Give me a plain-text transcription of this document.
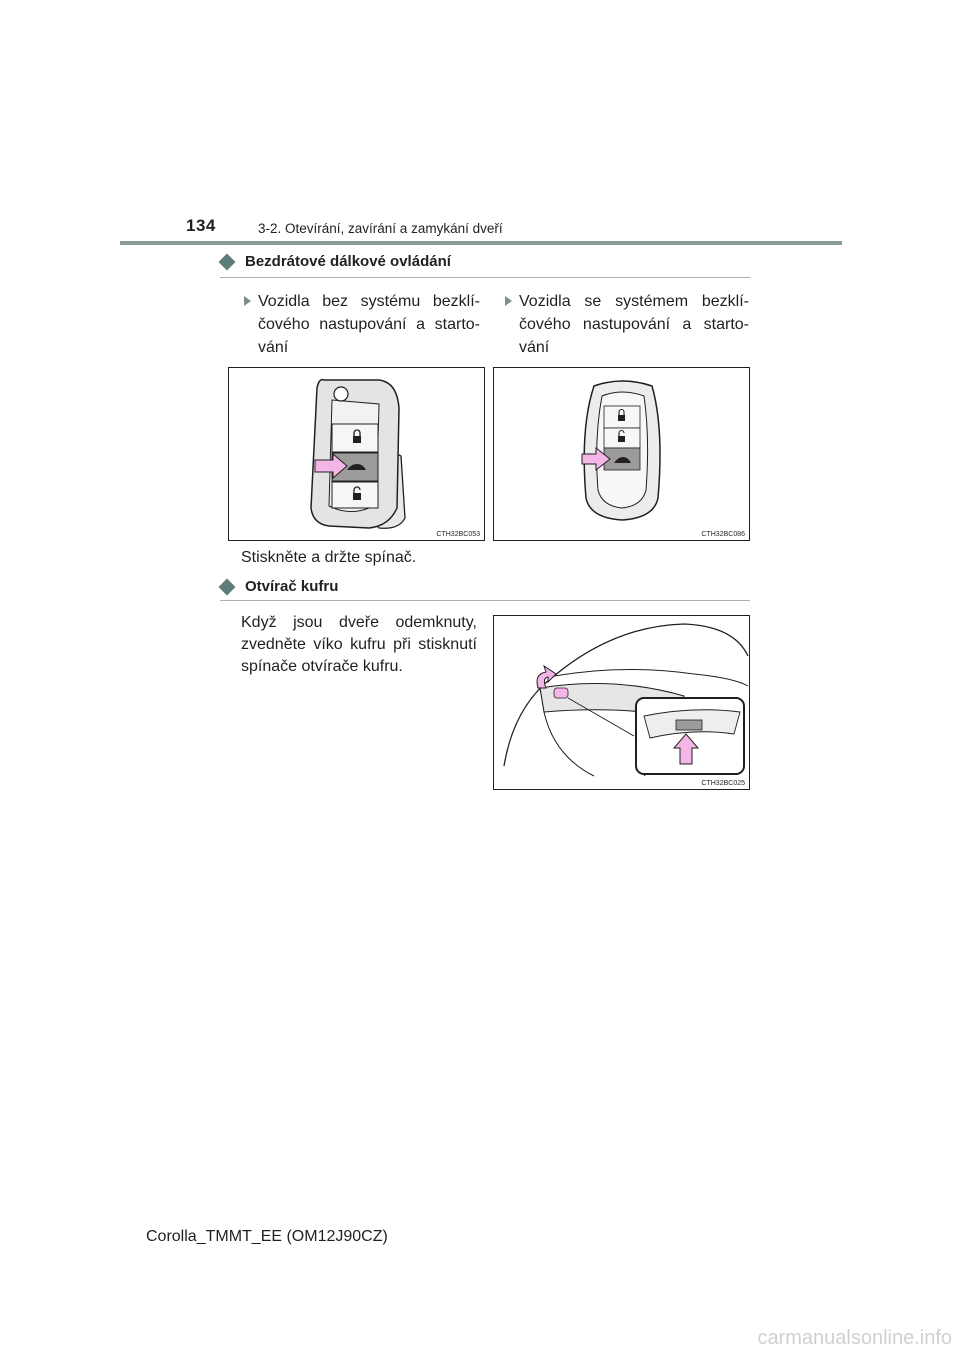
134	3-2. Otevírání, zavírání a zamykání dveří
Bezdrátové dálkové ovládání
Vozidla bez systému bezklí-čového nastupování a starto-vání
Vozidla se systémem bezklí-čového nastupování a starto-vání
CTH32BC053	CTH32BC086
Stiskněte a držte spínač.
Otvírač kufru
Když jsou dveře odemknuty, zvedněte víko kufru při stisknutí spínače otvírače kufru.
CTH32BC025
Corolla_TMMT_EE (OM12J90CZ)
carmanualsonline.info
